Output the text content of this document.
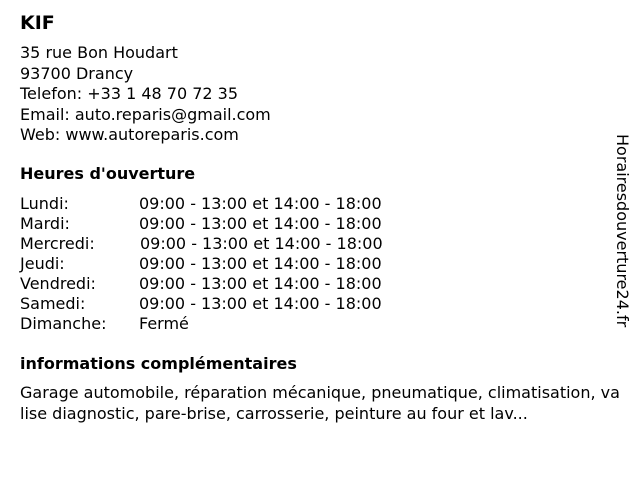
KIF
35 rue Bon Houdart
93700 Drancy
Telefon: +33 1 48 70 72 35
Email: auto.reparis@gmail.com
Web: www.autoreparis.com
Heures d'ouverture
Lundi:	09:00 - 13:00 et 14:00 - 18:00
Mardi:	09:00 - 13:00 et 14:00 - 18:00
Mercredi:	09:00 - 13:00 et 14:00 - 18:00
Jeudi:	09:00 - 13:00 et 14:00 - 18:00
Vendredi:	09:00 - 13:00 et 14:00 - 18:00
Samedi:	09:00 - 13:00 et 14:00 - 18:00
Dimanche: Fermé
informations complémentaires
Garage automobile, réparation mécanique, pneumatique, climatisation, valise diagnostic, pare-brise, carrosserie, peinture au four et lav...
Horairesdouverture24.fr
